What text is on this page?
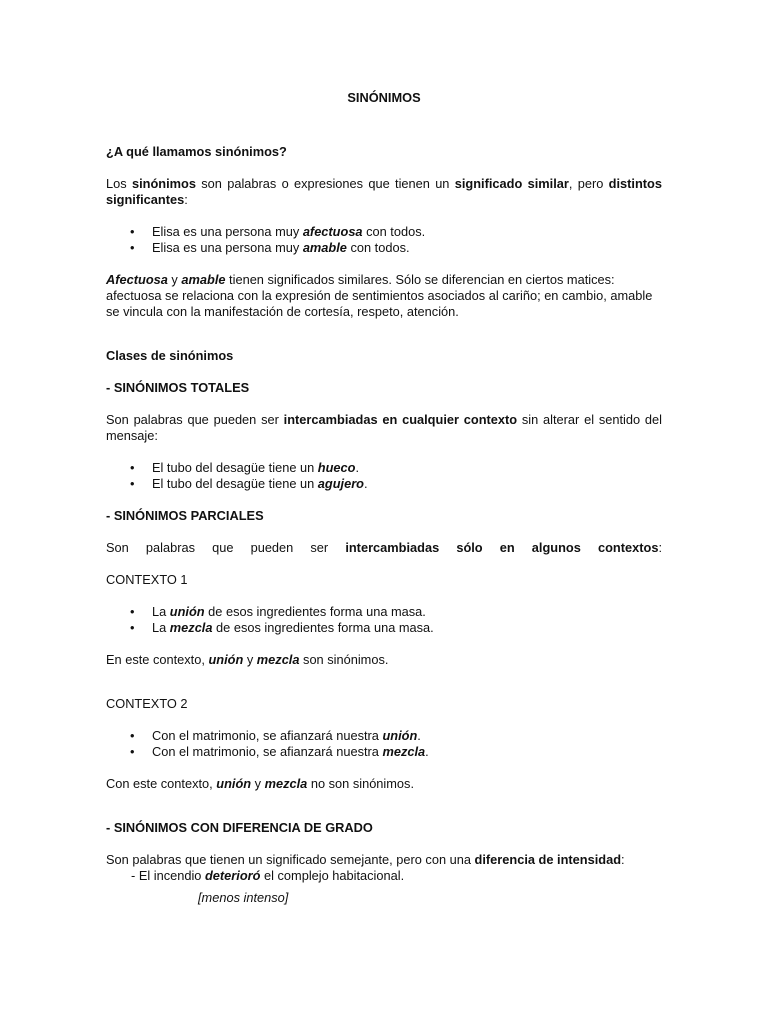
SINÓNIMOS
¿A qué llamamos sinónimos?

Los sinónimos son palabras o expresiones que tienen un significado similar, pero distintos significantes:

• Elisa es una persona muy afectuosa con todos.
• Elisa es una persona muy amable con todos.

Afectuosa y amable tienen significados similares. Sólo se diferencian en ciertos matices: afectuosa se relaciona con la expresión de sentimientos asociados al cariño; en cambio, amable se vincula con la manifestación de cortesía, respeto, atención.

Clases de sinónimos
- SINÓNIMOS TOTALES

Son palabras que pueden ser intercambiadas en cualquier contexto sin alterar el sentido del mensaje:

• El tubo del desagüe tiene un hueco.
• El tubo del desagüe tiene un agujero.
- SINÓNIMOS PARCIALES

Son palabras que pueden ser intercambiadas sólo en algunos contextos:

CONTEXTO 1

• La unión de esos ingredientes forma una masa.
• La mezcla de esos ingredientes forma una masa.

En este contexto, unión y mezcla son sinónimos.

CONTEXTO 2

• Con el matrimonio, se afianzará nuestra unión.
• Con el matrimonio, se afianzará nuestra mezcla.

Con este contexto, unión y mezcla no son sinónimos.

- SINÓNIMOS CON DIFERENCIA DE GRADO

Son palabras que tienen un significado semejante, pero con una diferencia de intensidad:

- El incendio deterioró el complejo habitacional.

[menos intenso]
